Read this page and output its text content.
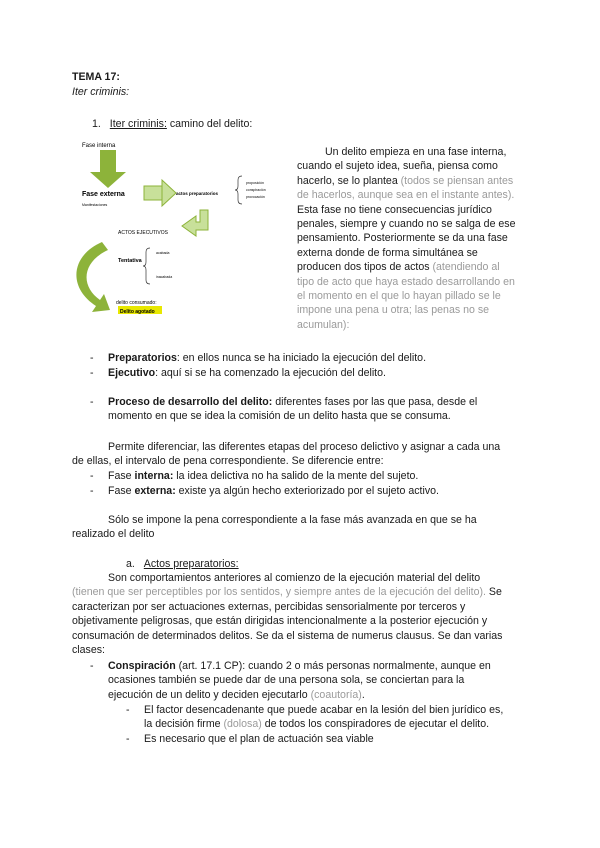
TEMA 17:
Iter criminis:
1. Iter criminis: camino del delito:
Fase interna
Fase externa
Manifestaciones
actos preparatorios
proposición
conspiración
provocación
ACTOS EJECUTIVOS
Tentativa
acabada
inacabada
delito consumado:
Delito agotado
Un delito empieza en una fase interna,
cuando el sujeto idea, sueña, piensa como
hacerlo, se lo plantea (todos se piensan antes
de hacerlos, aunque sea en el instante antes).
Esta fase no tiene consecuencias jurídico
penales, siempre y cuando no se salga de ese
pensamiento. Posteriormente se da una fase
externa donde de forma simultánea se
producen dos tipos de actos (atendiendo al
tipo de acto que haya estado desarrollando en
el momento en el que lo hayan pillado se le
impone una pena u otra; las penas no se
acumulan):
- Preparatorios: en ellos nunca se ha iniciado la ejecución del delito.
- Ejecutivo: aquí si se ha comenzado la ejecución del delito.
- Proceso de desarrollo del delito: diferentes fases por las que pasa, desde el
momento en que se idea la comisión de un delito hasta que se consuma.
Permite diferenciar, las diferentes etapas del proceso delictivo y asignar a cada una
de ellas, el intervalo de pena correspondiente. Se diferencie entre:
- Fase interna: la idea delictiva no ha salido de la mente del sujeto.
- Fase externa: existe ya algún hecho exteriorizado por el sujeto activo.
Sólo se impone la pena correspondiente a la fase más avanzada en que se ha
realizado el delito
a. Actos preparatorios:
Son comportamientos anteriores al comienzo de la ejecución material del delito
(tienen que ser perceptibles por los sentidos, y siempre antes de la ejecución del delito). Se
caracterizan por ser actuaciones externas, percibidas sensorialmente por terceros y
objetivamente peligrosas, que están dirigidas intencionalmente a la posterior ejecución y
consumación de determinados delitos. Se da el sistema de numerus clausus. Se dan varias
clases:
- Conspiración (art. 17.1 CP): cuando 2 o más personas normalmente, aunque en
ocasiones también se puede dar de una persona sola, se conciertan para la
ejecución de un delito y deciden ejecutarlo (coautoría).
- El factor desencadenante que puede acabar en la lesión del bien jurídico es,
la decisión firme (dolosa) de todos los conspiradores de ejecutar el delito.
- Es necesario que el plan de actuación sea viable
